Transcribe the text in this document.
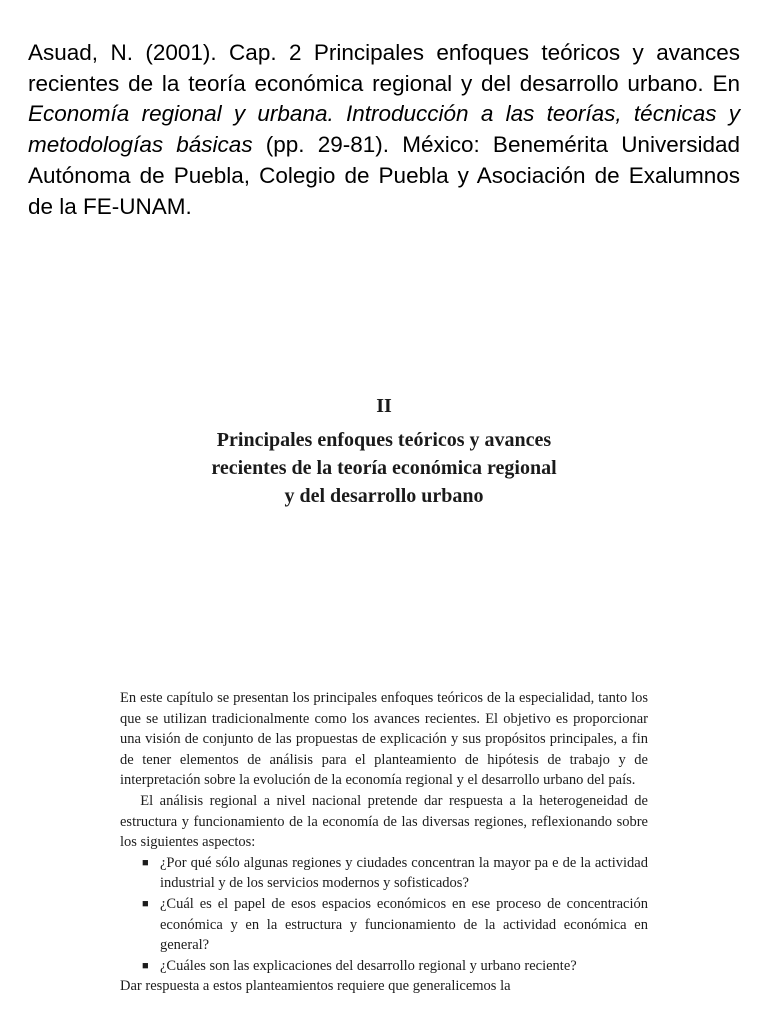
Asuad, N. (2001). Cap. 2 Principales enfoques teóricos y avances recientes de la teoría económica regional y del desarrollo urbano. En Economía regional y urbana. Introducción a las teorías, técnicas y metodologías básicas (pp. 29-81). México: Benemérita Universidad Autónoma de Puebla, Colegio de Puebla y Asociación de Exalumnos de la FE-UNAM.

II
Principales enfoques teóricos y avances
recientes de la teoría económica regional
y del desarrollo urbano

En este capítulo se presentan los principales enfoques teóricos de la especialidad, tanto los que se utilizan tradicionalmente como los avances recientes. El objetivo es proporcionar una visión de conjunto de las propuestas de explicación y sus propósitos principales, a fin de tener elementos de análisis para el planteamiento de hipótesis de trabajo y de interpretación sobre la evolución de la economía regional y el desarrollo urbano del país.

El análisis regional a nivel nacional pretende dar respuesta a la heterogeneidad de estructura y funcionamiento de la economía de las diversas regiones, reflexionando sobre los siguientes aspectos:

■ ¿Por qué sólo algunas regiones y ciudades concentran la mayor pa e de la actividad industrial y de los servicios modernos y sofisticados?
■ ¿Cuál es el papel de esos espacios económicos en ese proceso de concentración económica y en la estructura y funcionamiento de la actividad económica en general?
■ ¿Cuáles son las explicaciones del desarrollo regional y urbano reciente?

Dar respuesta a estos planteamientos requiere que generalicemos la
